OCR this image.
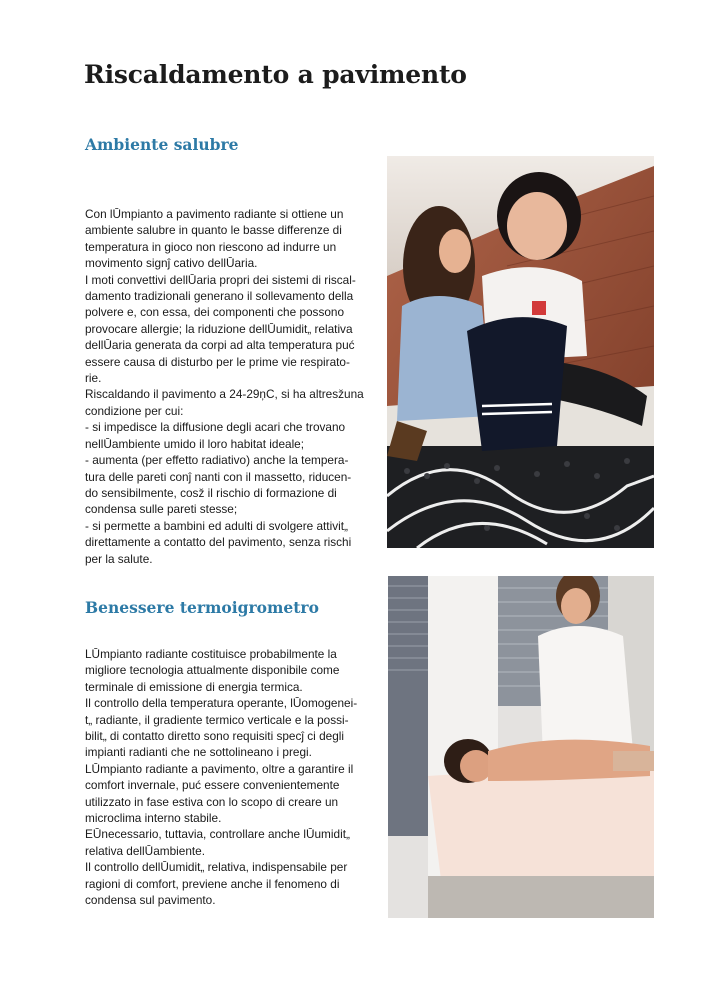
Riscaldamento a pavimento
Ambiente salubre
Con lŪmpianto a pavimento radiante si ottiene un
ambiente salubre in quanto le basse differenze di
temperatura in gioco non riescono ad indurre un
movimento signĵ cativo dellŪaria.
I moti convettivi dellŪaria propri dei sistemi di riscal-
damento tradizionali generano il sollevamento della
polvere e, con essa, dei componenti che possono
provocare allergie; la riduzione dellŪumidit„ relativa
dellŪaria generata da corpi ad alta temperatura puć
essere causa di disturbo per le prime vie respirato-
rie.
Riscaldando il pavimento a 24-29ņC, si ha altresžuna
condizione per cui:
- si impedisce la diffusione degli acari che trovano
nellŪambiente umido il loro habitat ideale;
- aumenta (per effetto radiativo) anche la tempera-
tura delle pareti conĵ nanti con il massetto, riducen-
do sensibilmente, cosž il rischio di formazione di
condensa sulle pareti stesse;
- si permette a bambini ed adulti di svolgere attivit„
direttamente a contatto del pavimento, senza rischi
per la salute.
Benessere termoigrometro
LŪmpianto radiante costituisce probabilmente la
migliore tecnologia attualmente disponibile come
terminale di emissione di energia termica.
Il controllo della temperatura operante, lŪomogenei-
t„ radiante, il gradiente termico verticale e la possi-
bilit„ di contatto diretto sono requisiti specĵ ci degli
impianti radianti che ne sottolineano i pregi.
LŪmpianto radiante a pavimento, oltre a garantire il
comfort invernale, puć essere convenientemente
utilizzato in fase estiva con lo scopo di creare un
microclima interno stabile.
EŪnecessario, tuttavia, controllare anche lŪumidit„
relativa dellŪambiente.
Il controllo dellŪumidit„ relativa, indispensabile per
ragioni di comfort, previene anche il fenomeno di
condensa sul pavimento.
